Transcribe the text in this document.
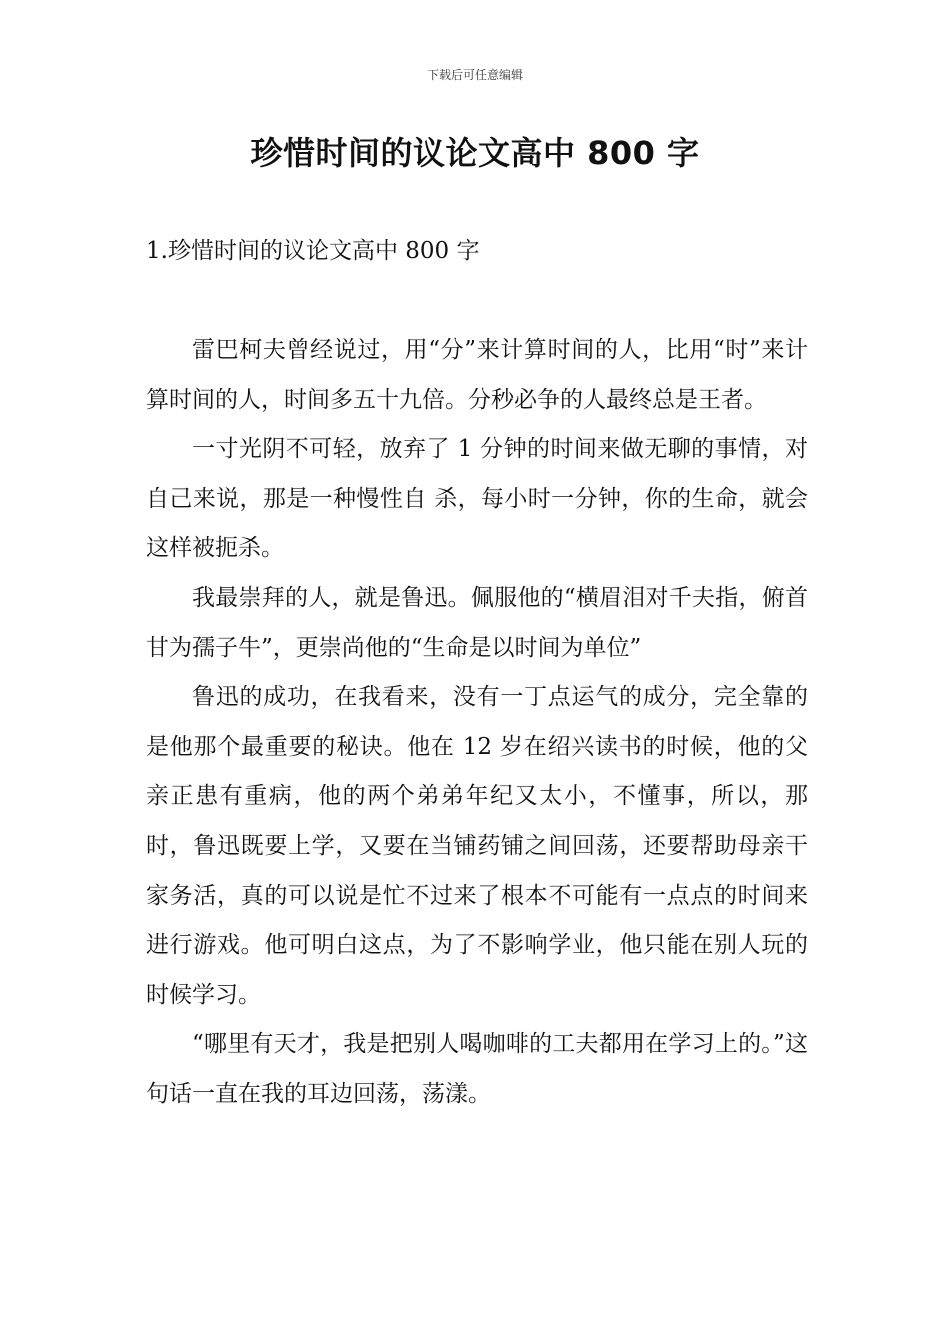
下载后可任意编辑
珍惜时间的议论文高中 800 字
1.珍惜时间的议论文高中 800 字

雷巴柯夫曾经说过，用“分”来计算时间的人，比用“时”来计算时间的人，时间多五十九倍。分秒必争的人最终总是王者。

一寸光阴不可轻，放弃了 1 分钟的时间来做无聊的事情，对自己来说，那是一种慢性自 杀，每小时一分钟，你的生命，就会这样被扼杀。

我最崇拜的人，就是鲁迅。佩服他的“横眉泪对千夫指，俯首甘为孺子牛”，更崇尚他的“生命是以时间为单位”

鲁迅的成功，在我看来，没有一丁点运气的成分，完全靠的是他那个最重要的秘诀。他在 12 岁在绍兴读书的时候，他的父亲正患有重病，他的两个弟弟年纪又太小，不懂事，所以，那时，鲁迅既要上学，又要在当铺药铺之间回荡，还要帮助母亲干家务活，真的可以说是忙不过来了根本不可能有一点点的时间来进行游戏。他可明白这点，为了不影响学业，他只能在别人玩的时候学习。

“哪里有天才，我是把别人喝咖啡的工夫都用在学习上的。”这句话一直在我的耳边回荡，荡漾。
